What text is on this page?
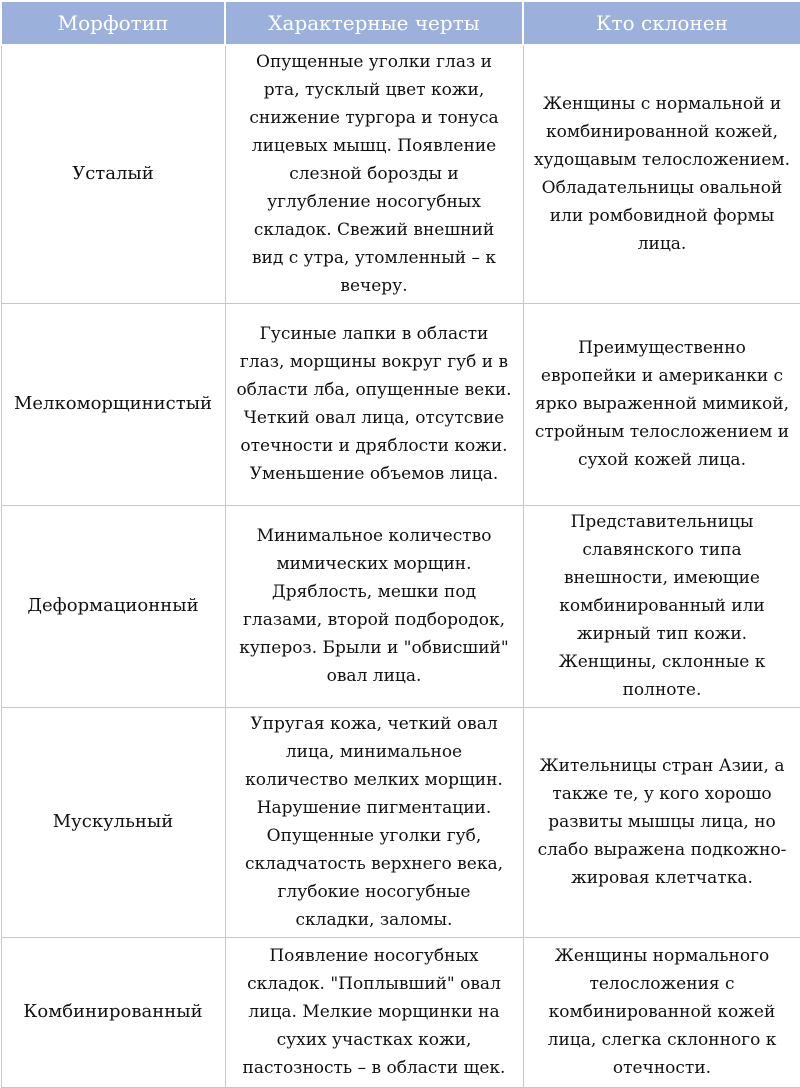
Морфотип	Характерные черты	Кто склонен
Усталый	Опущенные уголки глаз и рта, тусклый цвет кожи, снижение тургора и тонуса лицевых мышц. Появление слезной борозды и углубление носогубных складок. Свежий внешний вид с утра, утомленный – к вечеру.	Женщины с нормальной и комбинированной кожей, худощавым телосложением. Обладательницы овальной или ромбовидной формы лица.
Мелкоморщинистый	Гусиные лапки в области глаз, морщины вокруг губ и в области лба, опущенные веки. Четкий овал лица, отсутсвие отечности и дряблости кожи. Уменьшение объемов лица.	Преимущественно европейки и американки с ярко выраженной мимикой, стройным телосложением и сухой кожей лица.
Деформационный	Минимальное количество мимических морщин. Дряблость, мешки под глазами, второй подбородок, купероз. Брыли и "обвисший" овал лица.	Представительницы славянского типа внешности, имеющие комбинированный или жирный тип кожи. Женщины, склонные к полноте.
Мускульный	Упругая кожа, четкий овал лица, минимальное количество мелких морщин. Нарушение пигментации. Опущенные уголки губ, складчатость верхнего века, глубокие носогубные складки, заломы.	Жительницы стран Азии, а также те, у кого хорошо развиты мышцы лица, но слабо выражена подкожно-жировая клетчатка.
Комбинированный	Появление носогубных складок. "Поплывший" овал лица. Мелкие морщинки на сухих участках кожи, пастозность – в области щек.	Женщины нормального телосложения с комбинированной кожей лица, слегка склонного к отечности.
